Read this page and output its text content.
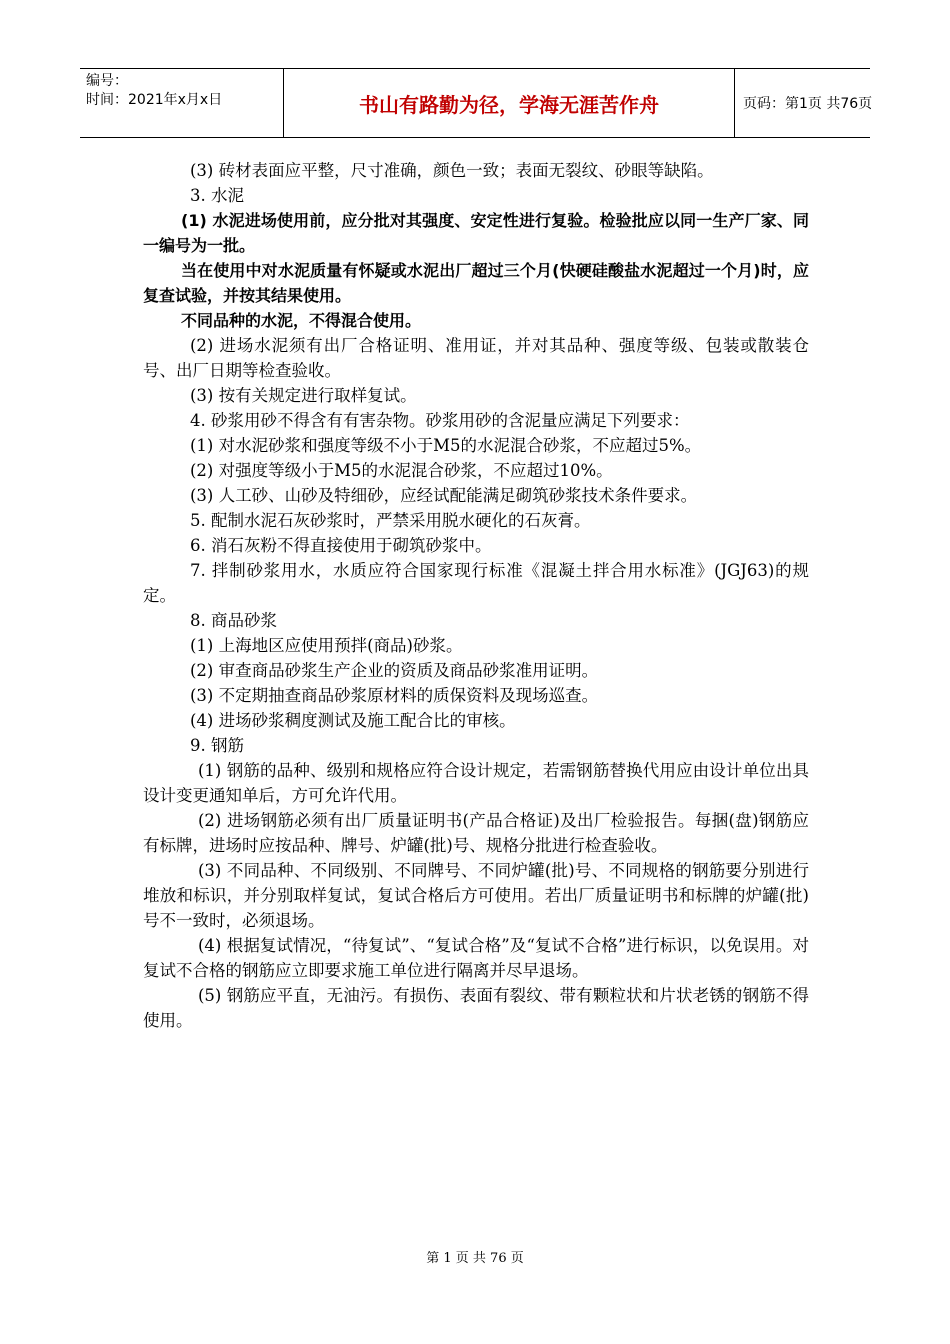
编号：
时间：2021年x月x日	书山有路勤为径，学海无涯苦作舟	页码：第1页 共76页

(3) 砖材表面应平整，尺寸准确，颜色一致；表面无裂纹、砂眼等缺陷。

3. 水泥

(1) 水泥进场使用前，应分批对其强度、安定性进行复验。检验批应以同一生产厂家、同一编号为一批。

当在使用中对水泥质量有怀疑或水泥出厂超过三个月(快硬硅酸盐水泥超过一个月)时，应复查试验，并按其结果使用。

不同品种的水泥，不得混合使用。

(2) 进场水泥须有出厂合格证明、准用证，并对其品种、强度等级、包装或散装仓号、出厂日期等检查验收。

(3) 按有关规定进行取样复试。

4. 砂浆用砂不得含有有害杂物。砂浆用砂的含泥量应满足下列要求：

(1) 对水泥砂浆和强度等级不小于M5的水泥混合砂浆，不应超过5%。

(2) 对强度等级小于M5的水泥混合砂浆，不应超过10%。

(3) 人工砂、山砂及特细砂，应经试配能满足砌筑砂浆技术条件要求。

5. 配制水泥石灰砂浆时，严禁采用脱水硬化的石灰膏。

6. 消石灰粉不得直接使用于砌筑砂浆中。

7. 拌制砂浆用水，水质应符合国家现行标准《混凝土拌合用水标准》(JGJ63)的规定。

8. 商品砂浆

(1) 上海地区应使用预拌(商品)砂浆。

(2) 审查商品砂浆生产企业的资质及商品砂浆准用证明。

(3) 不定期抽查商品砂浆原材料的质保资料及现场巡查。

(4) 进场砂浆稠度测试及施工配合比的审核。

9. 钢筋

(1) 钢筋的品种、级别和规格应符合设计规定，若需钢筋替换代用应由设计单位出具设计变更通知单后，方可允许代用。

(2) 进场钢筋必须有出厂质量证明书(产品合格证)及出厂检验报告。每捆(盘)钢筋应有标牌，进场时应按品种、牌号、炉罐(批)号、规格分批进行检查验收。

(3) 不同品种、不同级别、不同牌号、不同炉罐(批)号、不同规格的钢筋要分别进行堆放和标识，并分别取样复试，复试合格后方可使用。若出厂质量证明书和标牌的炉罐(批)号不一致时，必须退场。

(4) 根据复试情况，“待复试”、“复试合格”及“复试不合格”进行标识，以免误用。对复试不合格的钢筋应立即要求施工单位进行隔离并尽早退场。

(5) 钢筋应平直，无油污。有损伤、表面有裂纹、带有颗粒状和片状老锈的钢筋不得使用。

第 1 页 共 76 页
